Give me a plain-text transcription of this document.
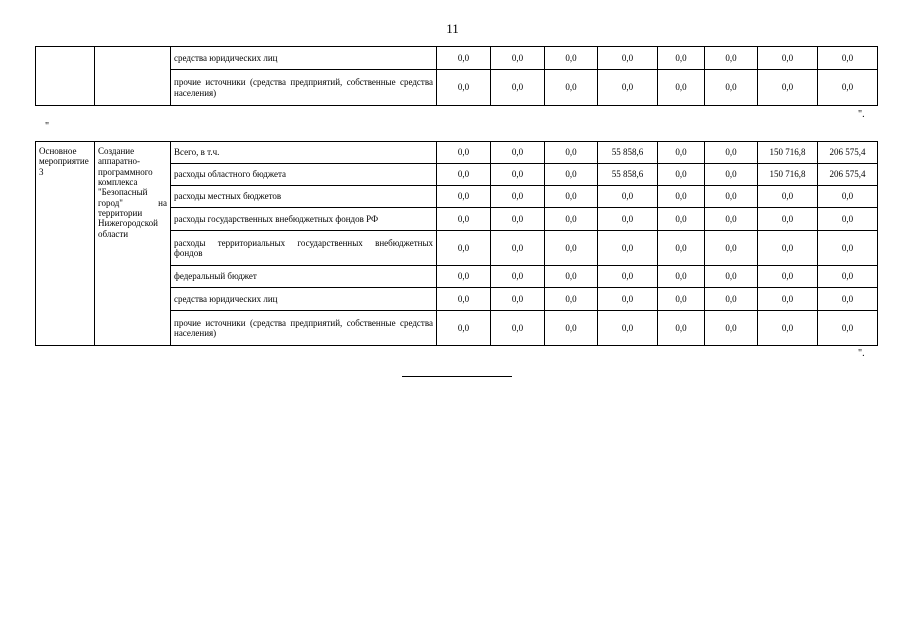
11
		средства юридических лиц	0,0	0,0	0,0	0,0	0,0	0,0	0,0	0,0
		прочие источники (средства предприятий, собственные средства населения)	0,0	0,0	0,0	0,0	0,0	0,0	0,0	0,0
".
"
Основное мероприятие 3	Создание аппаратно-программного комплекса "Безопасный город" на территории Нижегородской области	Всего, в т.ч.	0,0	0,0	0,0	55 858,6	0,0	0,0	150 716,8	206 575,4
		расходы областного бюджета	0,0	0,0	0,0	55 858,6	0,0	0,0	150 716,8	206 575,4
		расходы местных бюджетов	0,0	0,0	0,0	0,0	0,0	0,0	0,0	0,0
		расходы государственных внебюджетных фондов РФ	0,0	0,0	0,0	0,0	0,0	0,0	0,0	0,0
		расходы территориальных государственных внебюджетных фондов	0,0	0,0	0,0	0,0	0,0	0,0	0,0	0,0
		федеральный бюджет	0,0	0,0	0,0	0,0	0,0	0,0	0,0	0,0
		средства юридических лиц	0,0	0,0	0,0	0,0	0,0	0,0	0,0	0,0
		прочие источники (средства предприятий, собственные средства населения)	0,0	0,0	0,0	0,0	0,0	0,0	0,0	0,0
".
